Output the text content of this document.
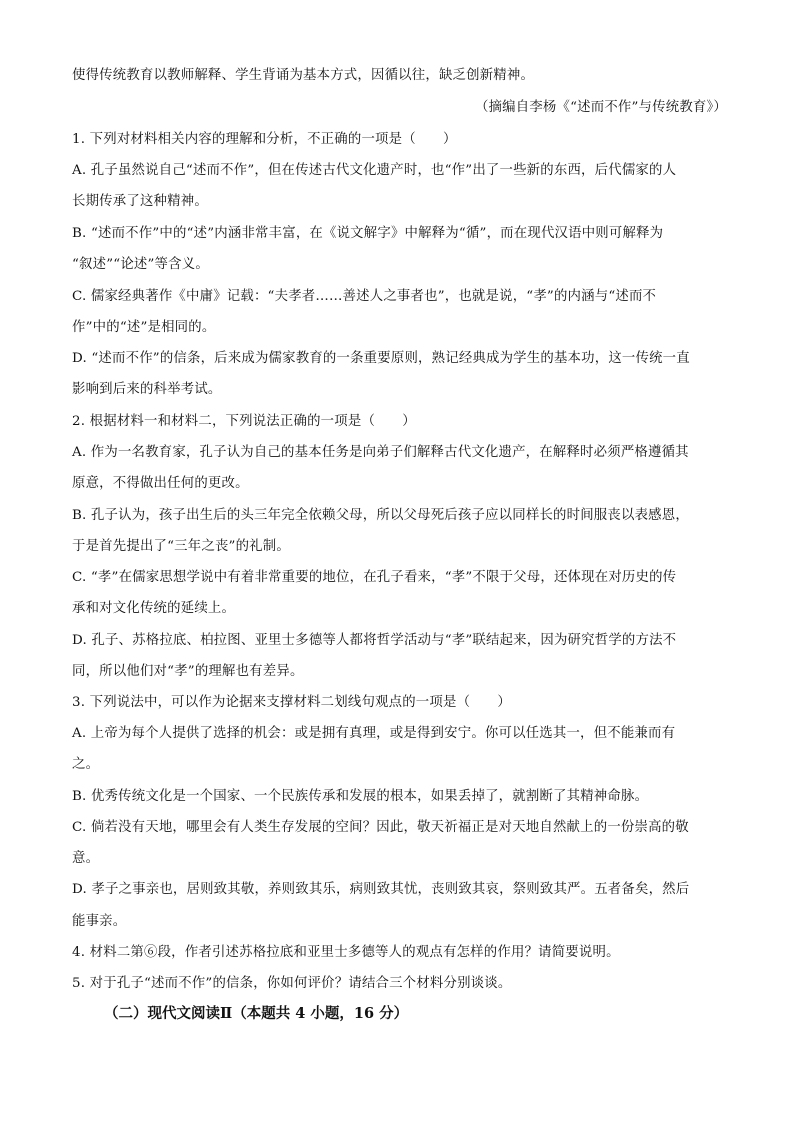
使得传统教育以教师解释、学生背诵为基本方式，因循以往，缺乏创新精神。
（摘编自李杨《“述而不作”与传统教育》）
1. 下列对材料相关内容的理解和分析，不正确的一项是（　　）
A. 孔子虽然说自己“述而不作”，但在传述古代文化遗产时，也“作”出了一些新的东西，后代儒家的人
长期传承了这种精神。
B. “述而不作”中的“述”内涵非常丰富，在《说文解字》中解释为“循”，而在现代汉语中则可解释为
“叙述”“论述”等含义。
C. 儒家经典著作《中庸》记载：“夫孝者……善述人之事者也”，也就是说，“孝”的内涵与“述而不
作”中的“述”是相同的。
D. “述而不作”的信条，后来成为儒家教育的一条重要原则，熟记经典成为学生的基本功，这一传统一直
影响到后来的科举考试。
2. 根据材料一和材料二，下列说法正确的一项是（　　）
A. 作为一名教育家，孔子认为自己的基本任务是向弟子们解释古代文化遗产，在解释时必须严格遵循其
原意，不得做出任何的更改。
B. 孔子认为，孩子出生后的头三年完全依赖父母，所以父母死后孩子应以同样长的时间服丧以表感恩，
于是首先提出了“三年之丧”的礼制。
C. “孝”在儒家思想学说中有着非常重要的地位，在孔子看来，“孝”不限于父母，还体现在对历史的传
承和对文化传统的延续上。
D. 孔子、苏格拉底、柏拉图、亚里士多德等人都将哲学活动与“孝”联结起来，因为研究哲学的方法不
同，所以他们对“孝”的理解也有差异。
3. 下列说法中，可以作为论据来支撑材料二划线句观点的一项是（　　）
A. 上帝为每个人提供了选择的机会：或是拥有真理，或是得到安宁。你可以任选其一，但不能兼而有
之。
B. 优秀传统文化是一个国家、一个民族传承和发展的根本，如果丢掉了，就割断了其精神命脉。
C. 倘若没有天地，哪里会有人类生存发展的空间？因此，敬天祈福正是对天地自然献上的一份崇高的敬
意。
D. 孝子之事亲也，居则致其敬，养则致其乐，病则致其忧，丧则致其哀，祭则致其严。五者备矣，然后
能事亲。
4. 材料二第⑥段，作者引述苏格拉底和亚里士多德等人的观点有怎样的作用？请简要说明。
5. 对于孔子“述而不作”的信条，你如何评价？请结合三个材料分别谈谈。
（二）现代文阅读Ⅱ（本题共 4 小题，16 分）
